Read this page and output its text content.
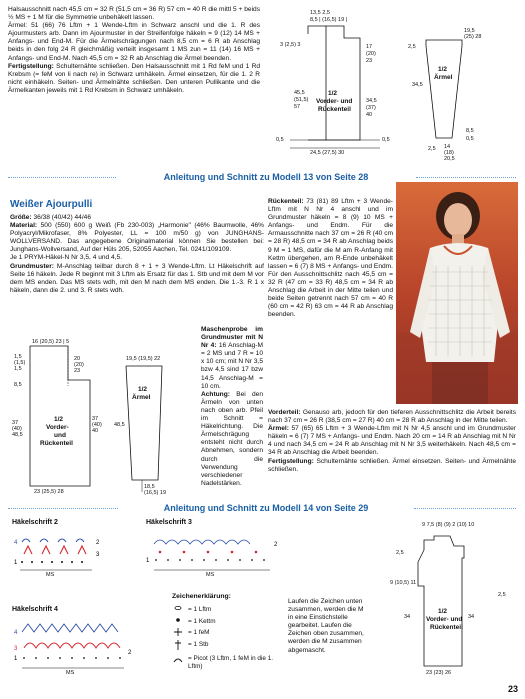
Halsausschnitt nach 45,5 cm = 32 R (51,5 cm = 36 R) 57 cm = 40 R die mittl 5 + beids ½ MS + 1 M für die Symmetrie unbehäkelt lassen.
Ärmel: 51 (66) 76 Lftm + 1 Wende-Lftm in Schwarz anschl und die 1. R des Ajourmusters arb. Dann im Ajourmuster in der Streifenfolge häkeln = 9 (12) 14 MS + Anfangs- und End-M. Für die Ärmelschrägungen nach 8,5 cm = 6 R ab Anschlag beids in den folg 24 R gleichmäßig verteilt insgesamt 1 MS zun = 11 (14) 16 MS + Anfangs- und End-M. Nach 45,5 cm = 32 R ab Anschlag die Ärmel beenden.
Fertigstellung: Schulternähte schließen. Den Halsausschnitt mit 1 Rd feM und 1 Rd Krebsm (= feM von li nach re) in Schwarz umhäkeln. Ärmel einsetzen, für die 1. 2 R nicht einhäkeln. Seiten- und Ärmelnähte schließen. Den unteren Pullikante und die Ärmelkanten jeweils mit 1 Rd Krebsm in Schwarz umhäkeln.
13,5 2,5
8,5 | (16,5) 19 |
3 (2,5) 3	17
(20)
23
45,5
(51,5)
57
1/2
Vorder- und
Rückenteil
34,5
(37)
40
24,5 (27,5) 30
0,5	0,5
19,5
(25) 28
2,5
1/2
Ärmel
34,5
14
(18)
20,5
8,5
2,5
0,5
Anleitung und Schnitt zu Modell 13 von Seite 28
Weißer Ajourpulli
Größe: 36/38 (40/42) 44/46
Material: 500 (550) 600 g Weiß (Fb 230-003) „Harmonie" (46% Baumwolle, 46% Polyacryl/Mikrofaser, 8% Polyester, LL = 100 m/50 g) von JUNGHANS-WOLLVERSAND. Das angegebene Originalmaterial können Sie bestellen bei: Junghans-Wollversand, Auf der Hüls 205, 52055 Aachen, Tel. 0241/109109.
Je 1 PRYM-Häkel-N Nr 3,5, 4 und 4,5.
Grundmuster: M-Anschlag teilbar durch 8 + 1 + 3 Wende-Lftm. Lt Häkelschrift auf Seite 16 häkeln. Jede R beginnt mit 3 Lftm als Ersatz für das 1. Stb und mit dem M vor dem MS enden. Das MS stets wdh, mit den M nach dem MS enden. Die 1.-3. R 1 x häkeln, dann die 2. und 3. R stets wdh.
Maschenprobe im Grundmuster mit N Nr 4: 16 Anschlag-M = 2 MS und 7 R = 10 x 10 cm; mit N Nr 3,5 bzw 4,5 sind 17 bzw 14,5 Anschlag-M = 10 cm.
Achtung: Bei den Ärmeln von unten nach oben arb. Pfeil im Schnitt = Häkelrichtung. Die Ärmelschrägung entsteht nicht durch Abnehmen, sondern durch die Verwendung verschiedener Nadelstärken.
Rückenteil: 73 (81) 89 Lftm + 3 Wende-Lftm mit N Nr 4 anschl und im Grundmuster häkeln = 8 (9) 10 MS + Anfangs- und Endm. Für die Armausschnitte nach 37 cm = 26 R (40 cm = 28 R) 48,5 cm = 34 R ab Anschlag beids 9 M = 1 MS, dafür die M am R-Anfang mit Kettm übergehen, am R-Ende unbehäkelt lassen = 6 (7) 8 MS + Anfangs- und Endm. Für den Ausschnittschlitz nach 45,5 cm = 32 R (47 cm = 33 R) 48,5 cm = 34 R ab Anschlag die Arbeit in der Mitte teilen und beide Seiten getrennt nach 57 cm = 40 R (60 cm = 42 R) 63 cm = 44 R ab Anschlag beenden.
Vorderteil: Genauso arb, jedoch für den tieferen Ausschnittschlitz die Arbeit bereits nach 37 cm = 26 R (38,5 cm = 27 R) 40 cm = 28 R ab Anschlag in der Mitte teilen.
Ärmel: 57 (65) 65 Lftm + 3 Wende-Lftm mit N Nr 4,5 anschl und im Grundmuster häkeln = 6 (7) 7 MS + Anfangs- und Endm. Nach 20 cm = 14 R ab Anschlag mit N Nr 4 und nach 34,5 cm = 24 R ab Anschlag mit N Nr 3,5 weiterhäkeln. Nach 48,5 cm = 34 R ab Anschlag die Arbeit beenden.
Fertigstellung: Schulternähte schließen. Ärmel einsetzen. Seiten- und Ärmelnähte schließen.
16 (20,5) 23 | 5
1,5
(1,5)
1,5
8,5
20
(20)
23
1/2
Vorder-
und
Rückenteil
37
(40)
48,5
37
(40)
40
23 (25,5) 28
19,5 (19,5) 22
1/2
Ärmel
48,5
18,5
(16,5) 19
Anleitung und Schnitt zu Modell 14 von Seite 29
Häkelschrift 2
4	2
3
1
MS
Häkelschrift 3
2
1
MS
Häkelschrift 4
4
3
1
2
MS
Zeichenerklärung:
= 1 Lftm
= 1 Kettm
= 1 feM
= 1 Stb
= Picot (3 Lftm, 1 feM in die 1. Lftm)
Laufen die Zeichen unten zusammen, werden die M in eine Einstichstelle gearbeitet. Laufen die Zeichen oben zusammen, werden die M zusammen abgemascht.
9 7,5 (8) (9) 2 (10) 10
2,5
9 (10,5) 11
2,5
1/2
Vorder- und
Rückenteil
34	34
23 (23) 26
23
